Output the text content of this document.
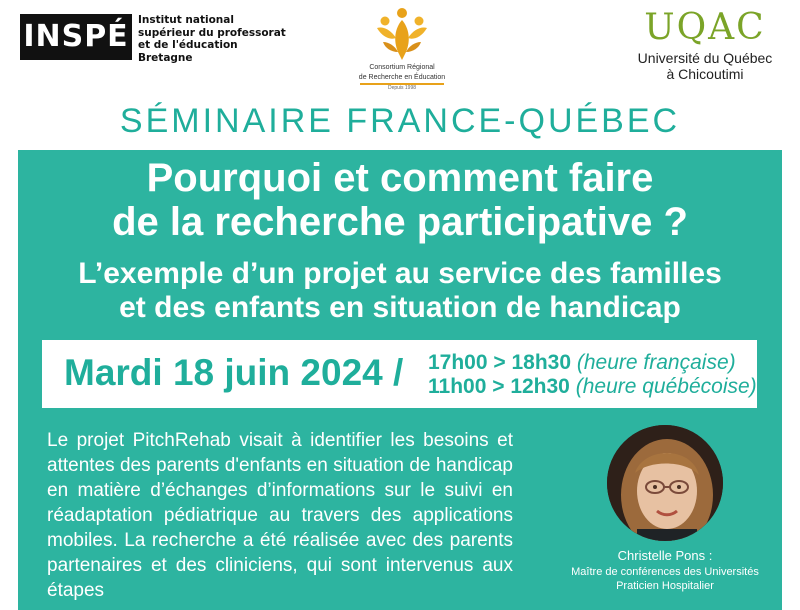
INSPÉ Institut national
supérieur du professorat
et de l'éducation
Bretagne
Consortium Régional
de Recherche en Éducation
Depuis 1998
UQAC
Université du Québec
à Chicoutimi
SÉMINAIRE FRANCE-QUÉBEC
Pourquoi et comment faire
de la recherche participative ?
L’exemple d’un projet au service des familles
et des enfants en situation de handicap
Mardi 18 juin 2024 / 17h00 > 18h30 (heure française)
11h00 > 12h30 (heure québécoise)
Le projet PitchRehab visait à identifier les besoins et attentes des parents d'enfants en situation de handicap en matière d’échanges d’informations sur le suivi en réadaptation pédiatrique au travers des applications mobiles. La recherche a été réalisée avec des parents partenaires et des cliniciens, qui sont intervenus aux étapes
Christelle Pons :
Maître de conférences des Universités
Praticien Hospitalier
